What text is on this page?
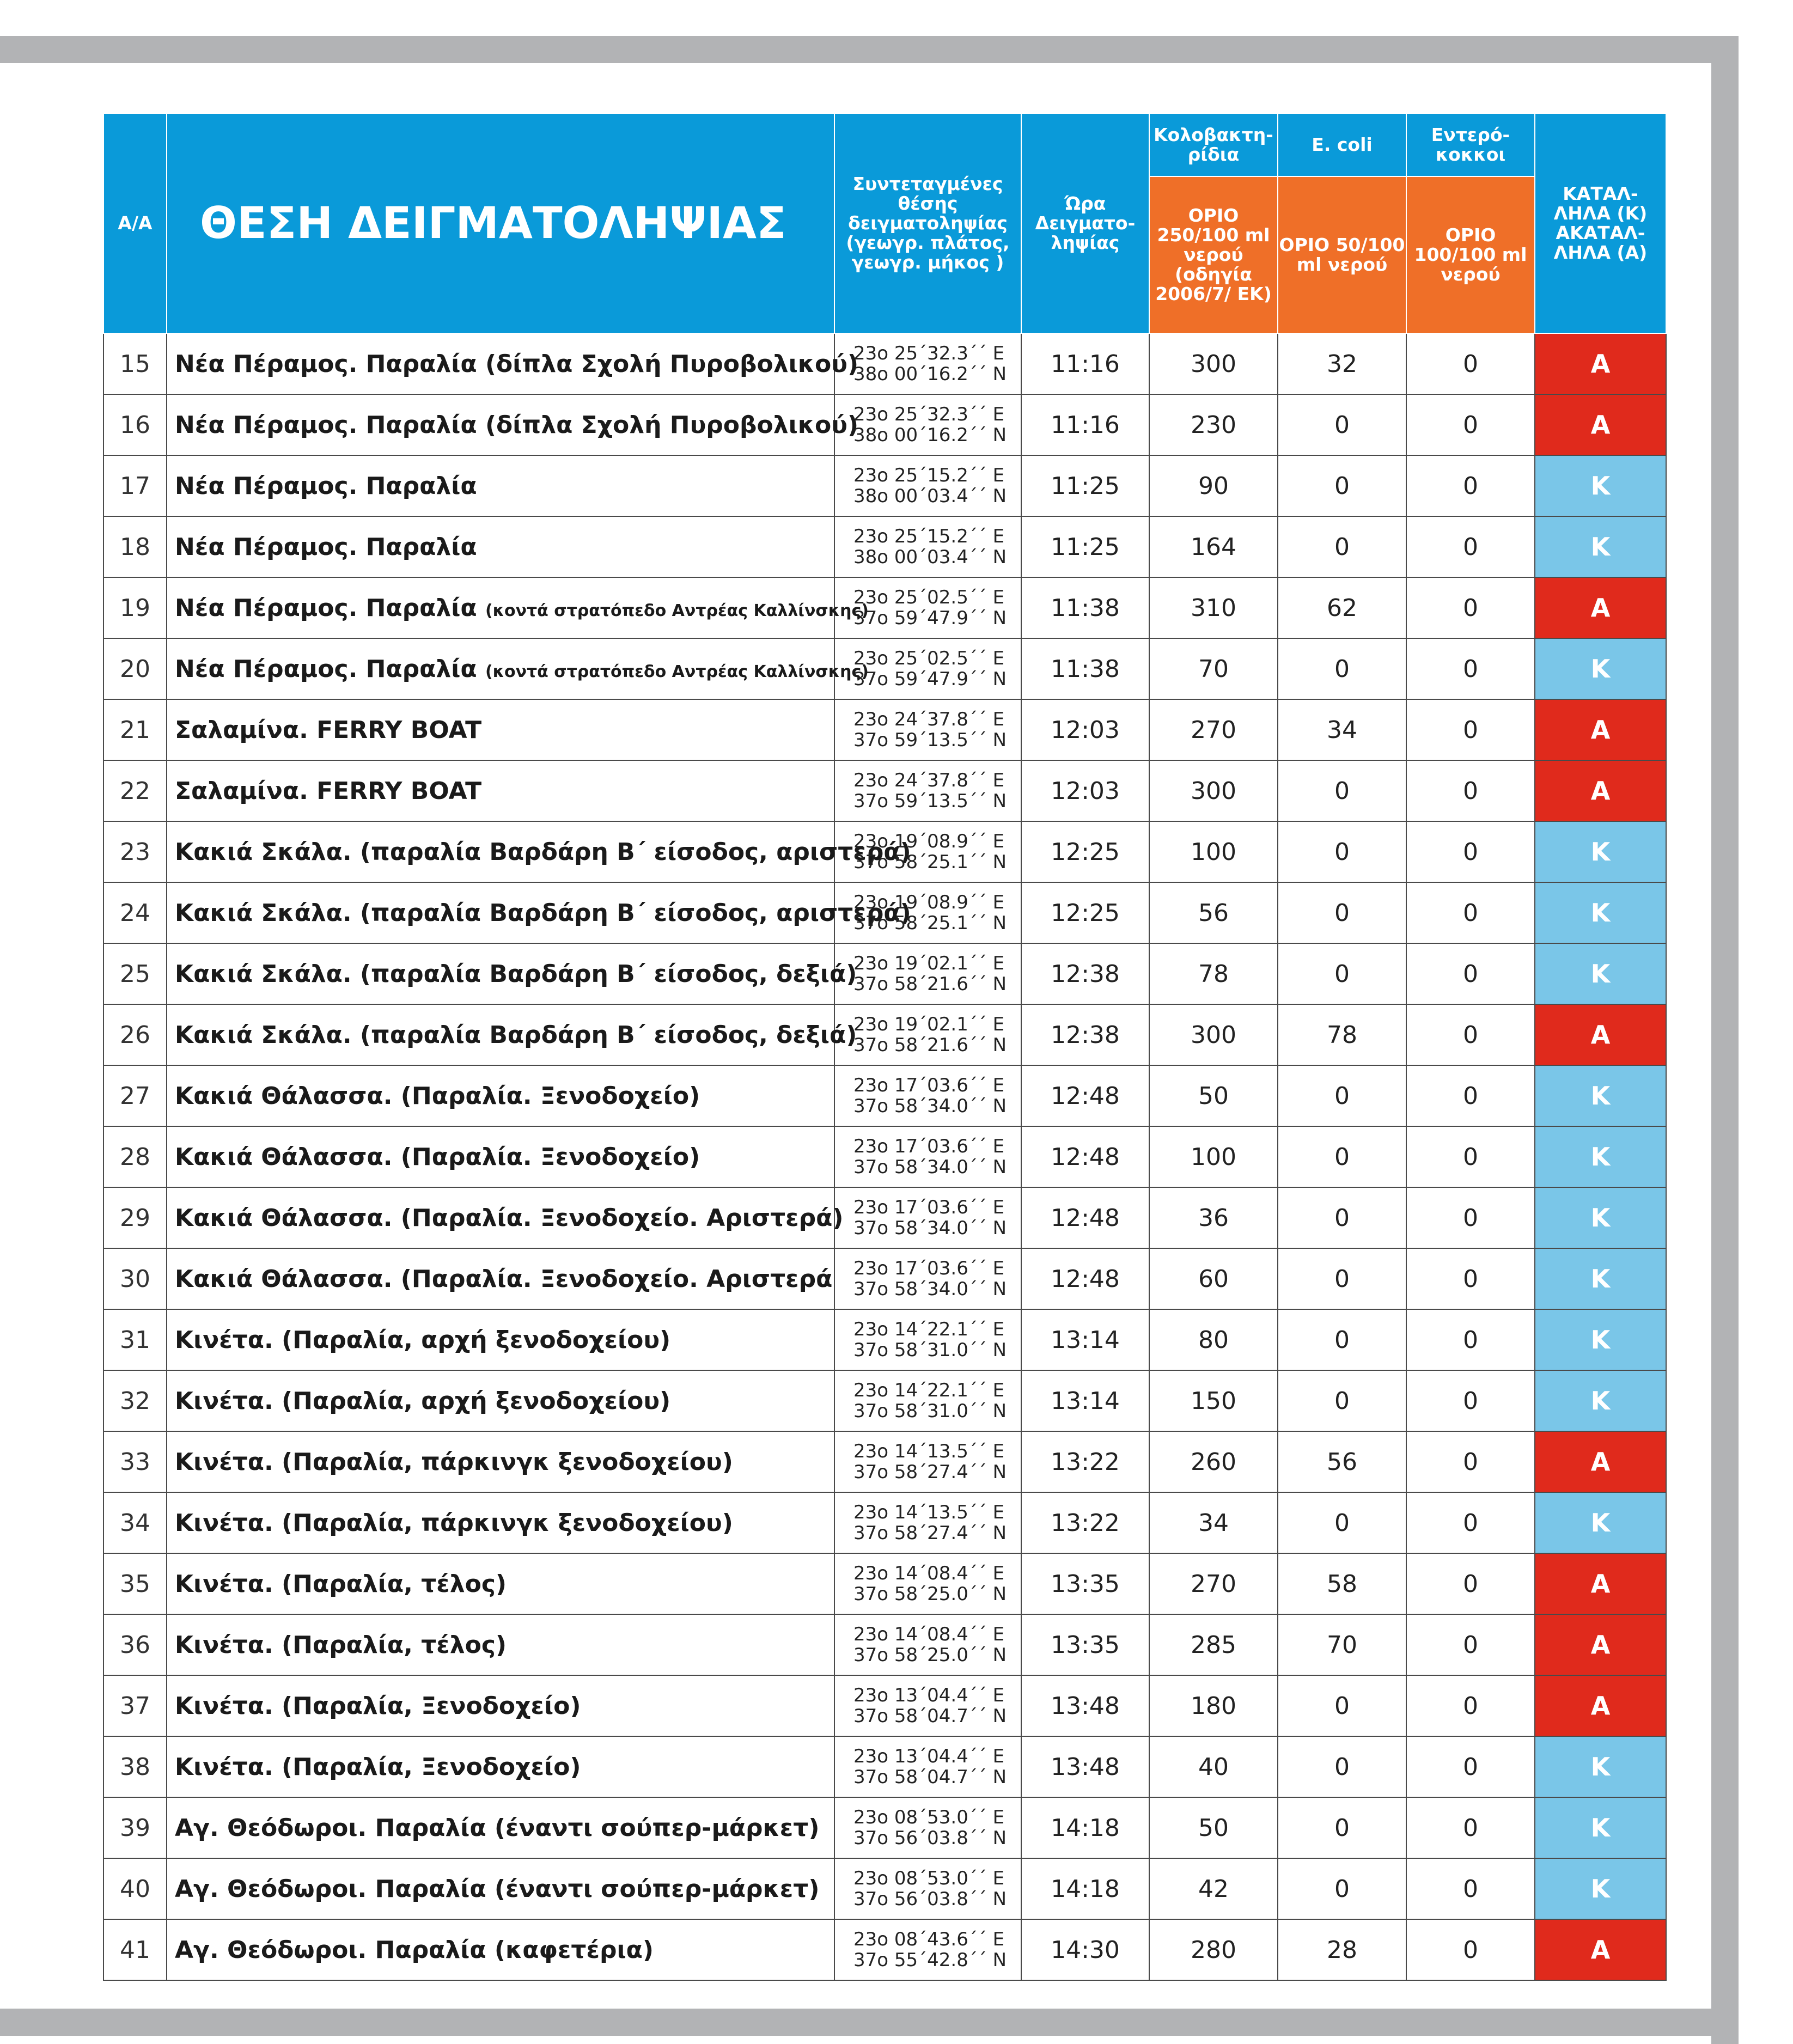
Α/Α	ΘΕΣΗ ΔΕΙΓΜΑΤΟΛΗΨΙΑΣ	Συντεταγμένες θέσης δειγματοληψίας (γεωγρ. πλάτος, γεωγρ. μήκος )	Ώρα Δειγματο-ληψίας	Κολοβακτη-ρίδια	E. coli	Εντερό-κοκκοι	ΚΑΤΑΛ-ΛΗΛΑ (Κ) ΑΚΑΤΑΛ-ΛΗΛΑ (Α)
				ΟΡΙΟ 250/100 ml νερού (οδηγία 2006/7/ ΕΚ)	ΟΡΙΟ 50/100 ml νερού	ΟΡΙΟ 100/100 ml νερού	
15	Νέα Πέραμος. Παραλία (δίπλα Σχολή Πυροβολικού)	23ο 25΄32.3΄΄ E
38ο 00΄16.2΄΄ N	11:16	300	32	0	Α
16	Νέα Πέραμος. Παραλία (δίπλα Σχολή Πυροβολικού)	23ο 25΄32.3΄΄ E
38ο 00΄16.2΄΄ N	11:16	230	0	0	Α
17	Νέα Πέραμος. Παραλία	23ο 25΄15.2΄΄ E
38ο 00΄03.4΄΄ N	11:25	90	0	0	Κ
18	Νέα Πέραμος. Παραλία	23ο 25΄15.2΄΄ E
38ο 00΄03.4΄΄ N	11:25	164	0	0	Κ
19	Νέα Πέραμος. Παραλία (κοντά στρατόπεδο Αντρέας Καλλίνσκης)	23ο 25΄02.5΄΄ E
37ο 59΄47.9΄΄ N	11:38	310	62	0	Α
20	Νέα Πέραμος. Παραλία (κοντά στρατόπεδο Αντρέας Καλλίνσκης)	23ο 25΄02.5΄΄ E
37ο 59΄47.9΄΄ N	11:38	70	0	0	Κ
21	Σαλαμίνα. FERRY BOAT	23ο 24΄37.8΄΄ E
37ο 59΄13.5΄΄ N	12:03	270	34	0	Α
22	Σαλαμίνα. FERRY BOAT	23ο 24΄37.8΄΄ E
37ο 59΄13.5΄΄ N	12:03	300	0	0	Α
23	Κακιά Σκάλα. (παραλία Βαρδάρη Β΄ είσοδος, αριστερά)	23ο 19΄08.9΄΄ E
37ο 58΄25.1΄΄ N	12:25	100	0	0	Κ
24	Κακιά Σκάλα. (παραλία Βαρδάρη Β΄ είσοδος, αριστερά)	23ο 19΄08.9΄΄ E
37ο 58΄25.1΄΄ N	12:25	56	0	0	Κ
25	Κακιά Σκάλα. (παραλία Βαρδάρη Β΄ είσοδος, δεξιά)	23ο 19΄02.1΄΄ E
37ο 58΄21.6΄΄ N	12:38	78	0	0	Κ
26	Κακιά Σκάλα. (παραλία Βαρδάρη Β΄ είσοδος, δεξιά)	23ο 19΄02.1΄΄ E
37ο 58΄21.6΄΄ N	12:38	300	78	0	Α
27	Κακιά Θάλασσα. (Παραλία. Ξενοδοχείο)	23ο 17΄03.6΄΄ E
37ο 58΄34.0΄΄ N	12:48	50	0	0	Κ
28	Κακιά Θάλασσα. (Παραλία. Ξενοδοχείο)	23ο 17΄03.6΄΄ E
37ο 58΄34.0΄΄ N	12:48	100	0	0	Κ
29	Κακιά Θάλασσα. (Παραλία. Ξενοδοχείο. Αριστερά)	23ο 17΄03.6΄΄ E
37ο 58΄34.0΄΄ N	12:48	36	0	0	Κ
30	Κακιά Θάλασσα. (Παραλία. Ξενοδοχείο. Αριστερά	23ο 17΄03.6΄΄ E
37ο 58΄34.0΄΄ N	12:48	60	0	0	Κ
31	Κινέτα. (Παραλία, αρχή ξενοδοχείου)	23ο 14΄22.1΄΄ E
37ο 58΄31.0΄΄ N	13:14	80	0	0	Κ
32	Κινέτα. (Παραλία, αρχή ξενοδοχείου)	23ο 14΄22.1΄΄ E
37ο 58΄31.0΄΄ N	13:14	150	0	0	Κ
33	Κινέτα. (Παραλία, πάρκινγκ ξενοδοχείου)	23ο 14΄13.5΄΄ E
37ο 58΄27.4΄΄ N	13:22	260	56	0	Α
34	Κινέτα. (Παραλία, πάρκινγκ ξενοδοχείου)	23ο 14΄13.5΄΄ E
37ο 58΄27.4΄΄ N	13:22	34	0	0	Κ
35	Κινέτα. (Παραλία, τέλος)	23ο 14΄08.4΄΄ E
37ο 58΄25.0΄΄ N	13:35	270	58	0	Α
36	Κινέτα. (Παραλία, τέλος)	23ο 14΄08.4΄΄ E
37ο 58΄25.0΄΄ N	13:35	285	70	0	Α
37	Κινέτα. (Παραλία, Ξενοδοχείο)	23ο 13΄04.4΄΄ E
37ο 58΄04.7΄΄ N	13:48	180	0	0	Α
38	Κινέτα. (Παραλία, Ξενοδοχείο)	23ο 13΄04.4΄΄ E
37ο 58΄04.7΄΄ N	13:48	40	0	0	Κ
39	Αγ. Θεόδωροι. Παραλία (έναντι σούπερ-μάρκετ)	23ο 08΄53.0΄΄ E
37ο 56΄03.8΄΄ N	14:18	50	0	0	Κ
40	Αγ. Θεόδωροι. Παραλία (έναντι σούπερ-μάρκετ)	23ο 08΄53.0΄΄ E
37ο 56΄03.8΄΄ N	14:18	42	0	0	Κ
41	Αγ. Θεόδωροι. Παραλία (καφετέρια)	23ο 08΄43.6΄΄ E
37ο 55΄42.8΄΄ N	14:30	280	28	0	Α
